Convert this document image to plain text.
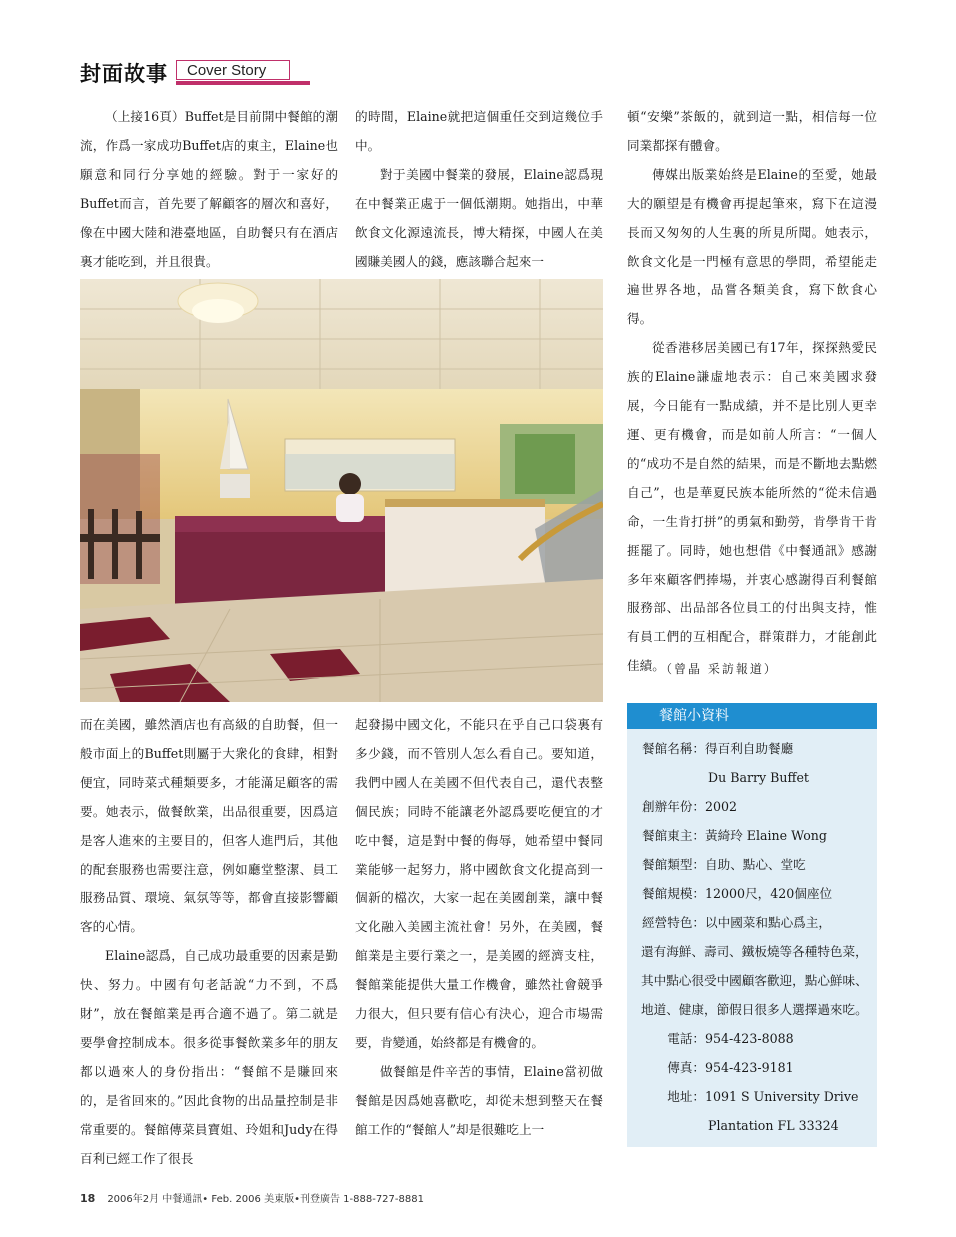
封面故事	Cover Story

（上接16頁）Buffet是目前開中餐館的潮流，作爲一家成功Buffet店的東主，Elaine也願意和同行分享她的經驗。對于一家好的Buffet而言，首先要了解顧客的層次和喜好，像在中國大陸和港臺地區，自助餐只有在酒店裏才能吃到，并且很貴。

的時間，Elaine就把這個重任交到這幾位手中。

對于美國中餐業的發展，Elaine認爲現在中餐業正處于一個低潮期。她指出，中華飲食文化源遠流長，博大精探，中國人在美國賺美國人的錢，應該聯合起來一

頓“安樂”茶飯的，就到這一點，相信每一位同業都探有體會。

傳媒出版業始終是Elaine的至愛，她最大的願望是有機會再提起筆來，寫下在這漫長而又匆匆的人生裏的所見所聞。她表示，飲食文化是一門極有意思的學問，希望能走遍世界各地，品嘗各類美食，寫下飲食心得。

從香港移居美國已有17年，探探熱愛民族的Elaine謙虛地表示：自己來美國求發展，今日能有一點成績，并不是比別人更幸運、更有機會，而是如前人所言：“一個人的“成功不是自然的結果，而是不斷地去點燃自己”，也是華夏民族本能所然的“從未信過命，一生肯打拼”的勇氣和勤勞，肯學肯干肯捱罷了。同時，她也想借《中餐通訊》感謝多年來顧客們捧場，并衷心感謝得百利餐館服務部、出品部各位員工的付出與支持，惟有員工們的互相配合，群策群力，才能創此佳績。

而在美國，雖然酒店也有高級的自助餐，但一般市面上的Buffet則屬于大衆化的食肆，相對便宜，同時菜式種類要多，才能滿足顧客的需要。她表示，做餐飲業，出品很重要，因爲這是客人進來的主要目的，但客人進門后，其他的配套服務也需要注意，例如廳堂整潔、員工服務品質、環境、氣氛等等，都會直接影響顧客的心情。

Elaine認爲，自己成功最重要的因素是勤快、努力。中國有句老話說“力不到，不爲財”，放在餐館業是再合適不過了。第二就是要學會控制成本。很多從事餐飲業多年的朋友都以過來人的身份指出：“餐館不是賺回來的，是省回來的。”因此食物的出品量控制是非常重要的。餐館傳菜員寶姐、玲姐和Judy在得百利已經工作了很長

起發揚中國文化，不能只在乎自己口袋裏有多少錢，而不管別人怎么看自己。要知道，我們中國人在美國不但代表自己，還代表整個民族；同時不能讓老外認爲要吃便宜的才吃中餐，這是對中餐的侮辱，她希望中餐同業能够一起努力，將中國飲食文化提高到一個新的檔次，大家一起在美國創業，讓中餐文化融入美國主流社會！另外，在美國，餐館業是主要行業之一，是美國的經濟支柱，餐館業能提供大量工作機會，雖然社會競爭力很大，但只要有信心有決心，迎合市場需要，肯變通，始終都是有機會的。

做餐館是件辛苦的事情，Elaine當初做餐館是因爲她喜歡吃，却從未想到整天在餐館工作的“餐館人”却是很難吃上一

（曾晶 采訪報道）
餐館小資料
餐館名稱：得百利自助餐廳
Du Barry Buffet
創辦年份：2002
餐館東主：黃綺玲 Elaine Wong
餐館類型：自助、點心、堂吃
餐館規模：12000尺，420個座位
經營特色：以中國菜和點心爲主，
還有海鮮、壽司、鐵板燒等各種特色菜，其中點心很受中國顧客歡迎，點心鮮味、地道、健康，節假日很多人選擇過來吃。
電話：954-423-8088
傳真：954-423-9181
地址：1091 S University Drive
Plantation FL 33324
18 2006年2月 中餐通訊• Feb. 2006 美東版•刊登廣告 1-888-727-8881
